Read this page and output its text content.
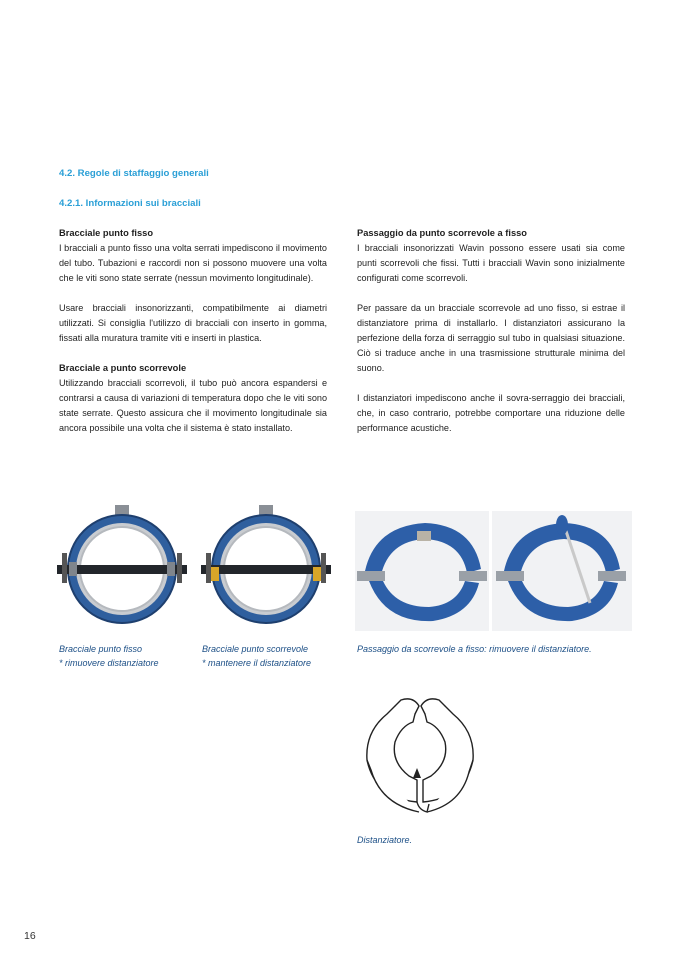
4.2. Regole di staffaggio generali
4.2.1. Informazioni sui bracciali
Bracciale punto fisso

I bracciali a punto fisso una volta serrati impediscono il movimento del tubo. Tubazioni e raccordi non si possono muovere una volta che le viti sono state serrate (nessun movimento longitudinale).

Usare bracciali insonorizzanti, compatibilmente ai diametri utilizzati. Si consiglia l'utilizzo di bracciali con inserto in gomma, fissati alla muratura tramite viti e inserti in plastica.

Bracciale a punto scorrevole

Utilizzando bracciali scorrevoli, il tubo può ancora espandersi e contrarsi a causa di variazioni di temperatura dopo che le viti sono state serrate. Questo assicura che il movimento longitudinale sia ancora possibile una volta che il sistema è stato installato.

Passaggio da punto scorrevole a fisso

I bracciali insonorizzati Wavin possono essere usati sia come punti scorrevoli che fissi. Tutti i bracciali Wavin sono inizialmente configurati come scorrevoli.

Per passare da un bracciale scorrevole ad uno fisso, si estrae il distanziatore prima di installarlo. I distanziatori assicurano la perfezione della forza di serraggio sul tubo in qualsiasi situazione. Ciò si traduce anche in una trasmissione strutturale minima del suono.

I distanziatori impediscono anche il sovra-serraggio dei bracciali, che, in caso contrario, potrebbe comportare una riduzione delle performance acustiche.

Bracciale punto fisso
* rimuovere distanziatore
Bracciale punto scorrevole
* mantenere il distanziatore
Passaggio da scorrevole a fisso: rimuovere il distanziatore.
Distanziatore.
16
